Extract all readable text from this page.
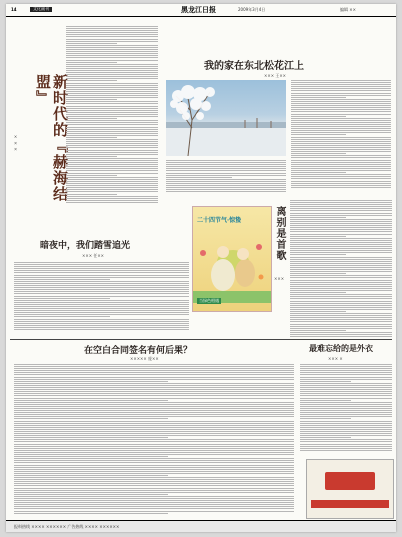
14	文化副刊	黑龙江日报	2009年3月4日	编辑 ××
新时代的『赫海结盟』
× × ×
我的家在东北松花江上
××× 王××
暗夜中，我们踏雪追光
××× 任××
二十四节气·惊蛰
当绿色相遇
离别是首歌
×××
在空白合同签名有何后果？
××××× 庞××
最难忘给的是外衣
××× ×
报料热线 ×××× ×××××× 广告热线 ×××× ××××××
